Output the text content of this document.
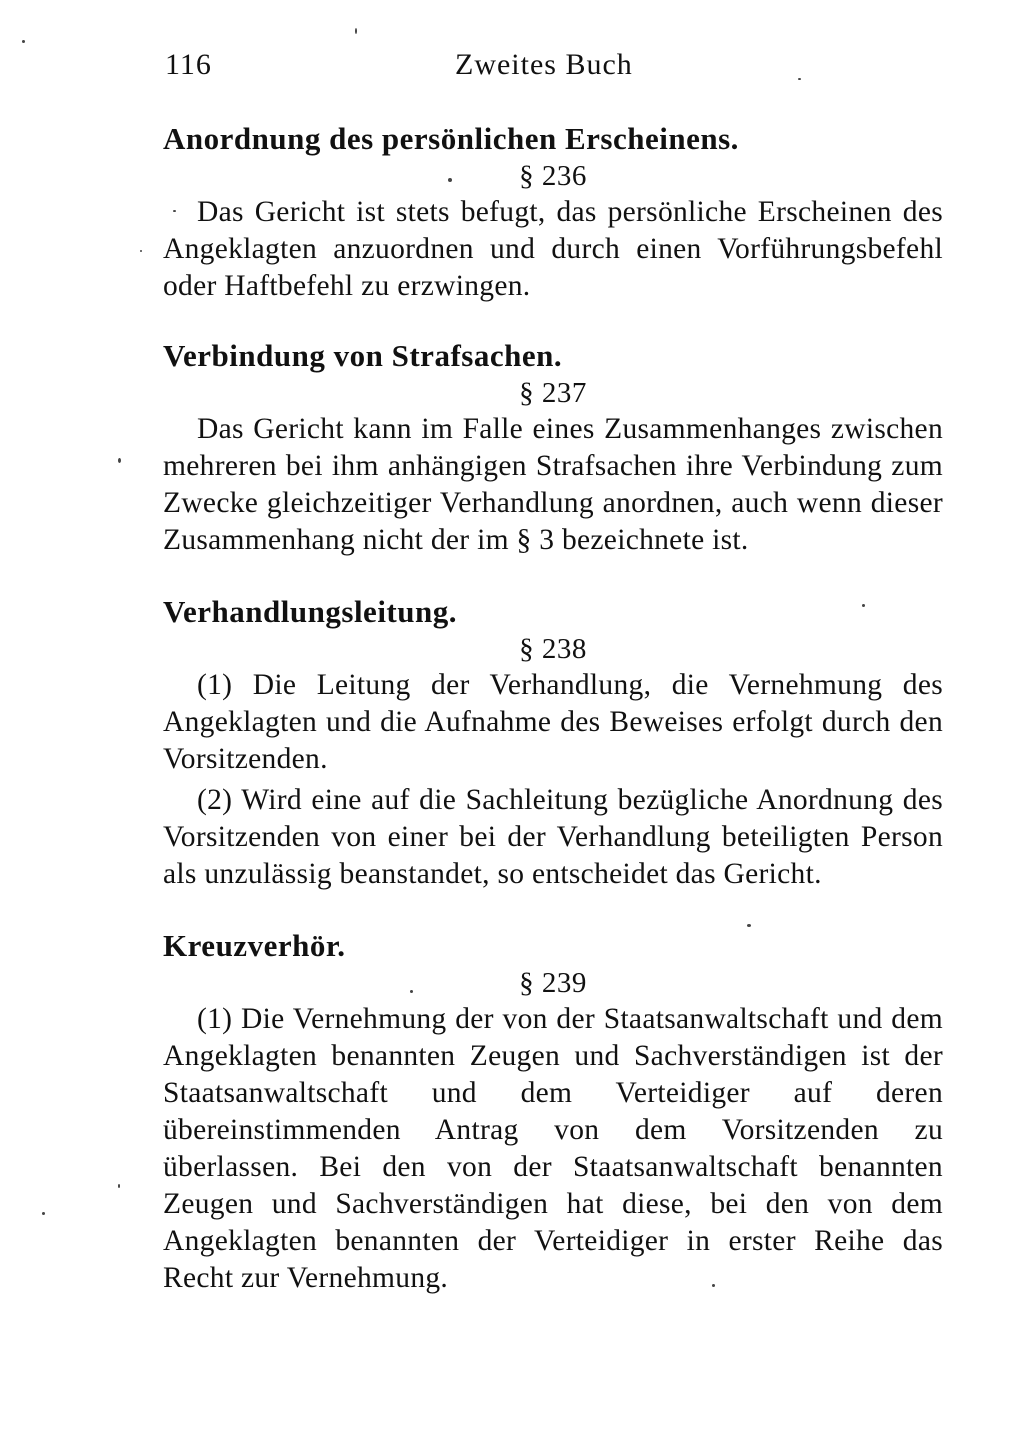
116	Zweites Buch
Anordnung des persönlichen Erscheinens.

§ 236

Das Gericht ist stets befugt, das persönliche Erscheinen des Angeklagten anzuordnen und durch einen Vorführungsbefehl oder Haftbefehl zu erzwingen.

Verbindung von Strafsachen.

§ 237

Das Gericht kann im Falle eines Zusammenhanges zwischen mehreren bei ihm anhängigen Strafsachen ihre Verbindung zum Zwecke gleichzeitiger Verhandlung anordnen, auch wenn dieser Zusammenhang nicht der im § 3 bezeichnete ist.

Verhandlungsleitung.

§ 238

(1) Die Leitung der Verhandlung, die Vernehmung des Angeklagten und die Aufnahme des Beweises erfolgt durch den Vorsitzenden.

(2) Wird eine auf die Sachleitung bezügliche Anordnung des Vorsitzenden von einer bei der Verhandlung beteiligten Person als unzulässig beanstandet, so entscheidet das Gericht.

Kreuzverhör.

§ 239

(1) Die Vernehmung der von der Staatsanwaltschaft und dem Angeklagten benannten Zeugen und Sachverständigen ist der Staatsanwaltschaft und dem Verteidiger auf deren übereinstimmenden Antrag von dem Vorsitzenden zu überlassen. Bei den von der Staatsanwaltschaft benannten Zeugen und Sachverständigen hat diese, bei den von dem Angeklagten benannten der Verteidiger in erster Reihe das Recht zur Vernehmung.
